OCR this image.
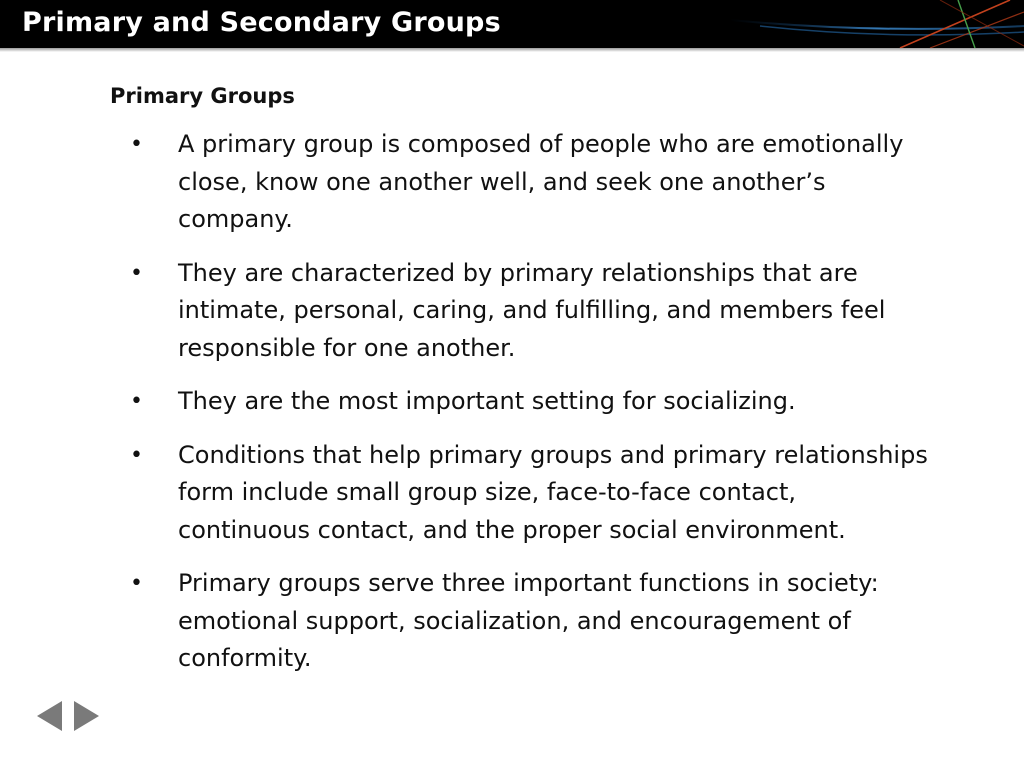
Primary and Secondary Groups
Primary Groups
• A primary group is composed of people who are emotionally close, know one another well, and seek one another’s company.
• They are characterized by primary relationships that are intimate, personal, caring, and fulfilling, and members feel responsible for one another.
• They are the most important setting for socializing.
• Conditions that help primary groups and primary relationships form include small group size, face-to-face contact, continuous contact, and the proper social environment.
• Primary groups serve three important functions in society: emotional support, socialization, and encouragement of conformity.
